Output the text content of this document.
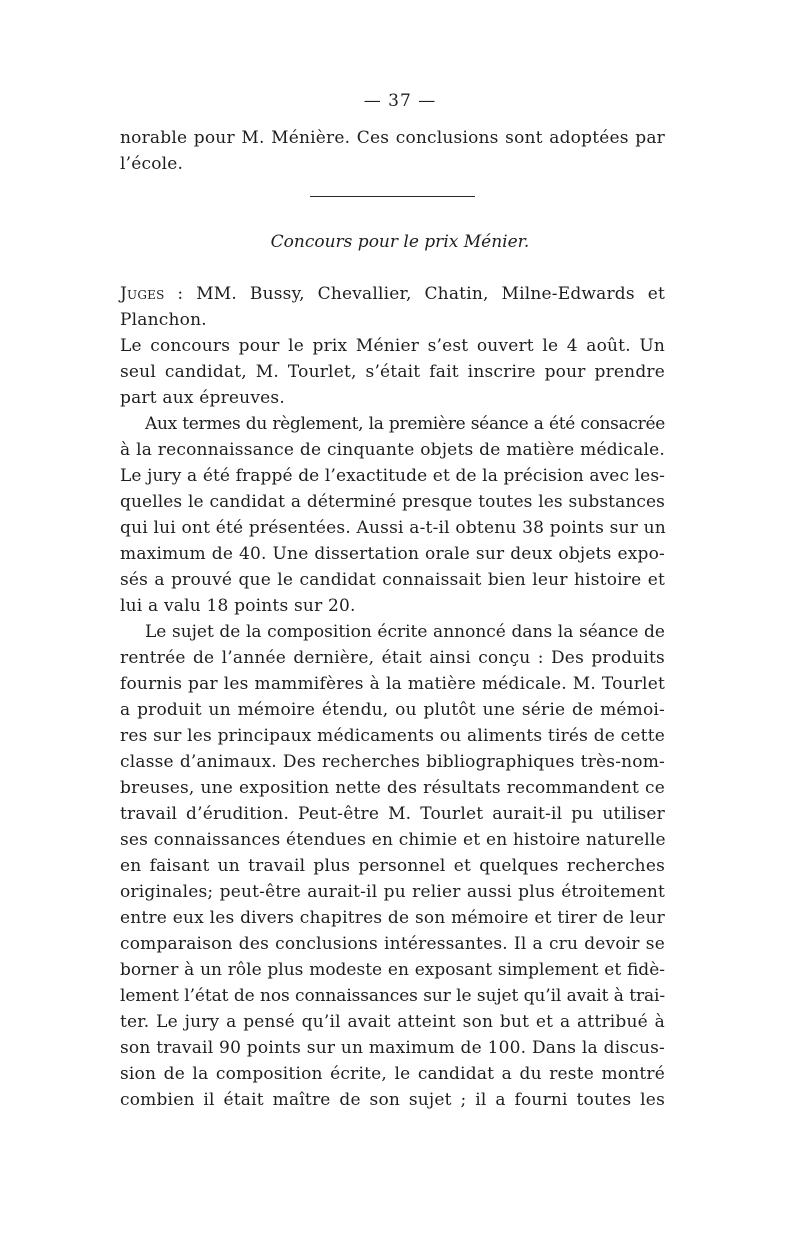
— 37 —
norable pour M. Ménière. Ces conclusions sont adoptées par
l’école.
Concours pour le prix Ménier.
Juges : MM. Bussy, Chevallier, Chatin, Milne-Edwards et
Planchon.
Le concours pour le prix Ménier s’est ouvert le 4 août. Un
seul candidat, M. Tourlet, s’était fait inscrire pour prendre
part aux épreuves.
Aux termes du règlement, la première séance a été consacrée
à la reconnaissance de cinquante objets de matière médicale.
Le jury a été frappé de l’exactitude et de la précision avec les-
quelles le candidat a déterminé presque toutes les substances
qui lui ont été présentées. Aussi a-t-il obtenu 38 points sur un
maximum de 40. Une dissertation orale sur deux objets expo-
sés a prouvé que le candidat connaissait bien leur histoire et
lui a valu 18 points sur 20.
Le sujet de la composition écrite annoncé dans la séance de
rentrée de l’année dernière, était ainsi conçu : Des produits
fournis par les mammifères à la matière médicale. M. Tourlet
a produit un mémoire étendu, ou plutôt une série de mémoi-
res sur les principaux médicaments ou aliments tirés de cette
classe d’animaux. Des recherches bibliographiques très-nom-
breuses, une exposition nette des résultats recommandent ce
travail d’érudition. Peut-être M. Tourlet aurait-il pu utiliser
ses connaissances étendues en chimie et en histoire naturelle
en faisant un travail plus personnel et quelques recherches
originales; peut-être aurait-il pu relier aussi plus étroitement
entre eux les divers chapitres de son mémoire et tirer de leur
comparaison des conclusions intéressantes. Il a cru devoir se
borner à un rôle plus modeste en exposant simplement et fidè-
lement l’état de nos connaissances sur le sujet qu’il avait à trai-
ter. Le jury a pensé qu’il avait atteint son but et a attribué à
son travail 90 points sur un maximum de 100. Dans la discus-
sion de la composition écrite, le candidat a du reste montré
combien il était maître de son sujet ; il a fourni toutes les
